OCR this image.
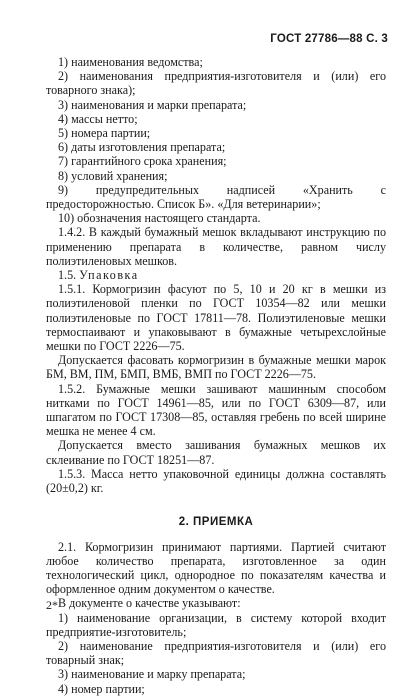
ГОСТ 27786—88 С. 3

1) наименования ведомства;

2) наименования предприятия-изготовителя и (или) его товарного знака);

3) наименования и марки препарата;

4) массы нетто;

5) номера партии;

6) даты изготовления препарата;

7) гарантийного срока хранения;

8) условий хранения;

9) предупредительных надписей «Хранить с предосторожностью. Список Б». «Для ветеринарии»;

10) обозначения настоящего стандарта.

1.4.2. В каждый бумажный мешок вкладывают инструкцию по применению препарата в количестве, равном числу полиэтиленовых мешков.

1.5. Упаковка

1.5.1. Кормогризин фасуют по 5, 10 и 20 кг в мешки из полиэтиленовой пленки по ГОСТ 10354—82 или мешки полиэтиленовые по ГОСТ 17811—78. Полиэтиленовые мешки термоспаивают и упаковывают в бумажные четырехслойные мешки по ГОСТ 2226—75.

Допускается фасовать кормогризин в бумажные мешки марок БМ, ВМ, ПМ, БМП, ВМБ, ВМП по ГОСТ 2226—75.

1.5.2. Бумажные мешки зашивают машинным способом нитками по ГОСТ 14961—85, или по ГОСТ 6309—87, или шпагатом по ГОСТ 17308—85, оставляя гребень по всей ширине мешка не менее 4 см.

Допускается вместо зашивания бумажных мешков их склеивание по ГОСТ 18251—87.

1.5.3. Масса нетто упаковочной единицы должна составлять (20±0,2) кг.

2. ПРИЕМКА

2.1. Кормогризин принимают партиями. Партией считают любое количество препарата, изготовленное за один технологический цикл, однородное по показателям качества и оформленное одним документом о качестве.

В документе о качестве указывают:

1) наименование организации, в систему которой входит предприятие-изготовитель;

2) наименование предприятия-изготовителя и (или) его товарный знак;

3) наименование и марку препарата;

4) номер партии;

2*
